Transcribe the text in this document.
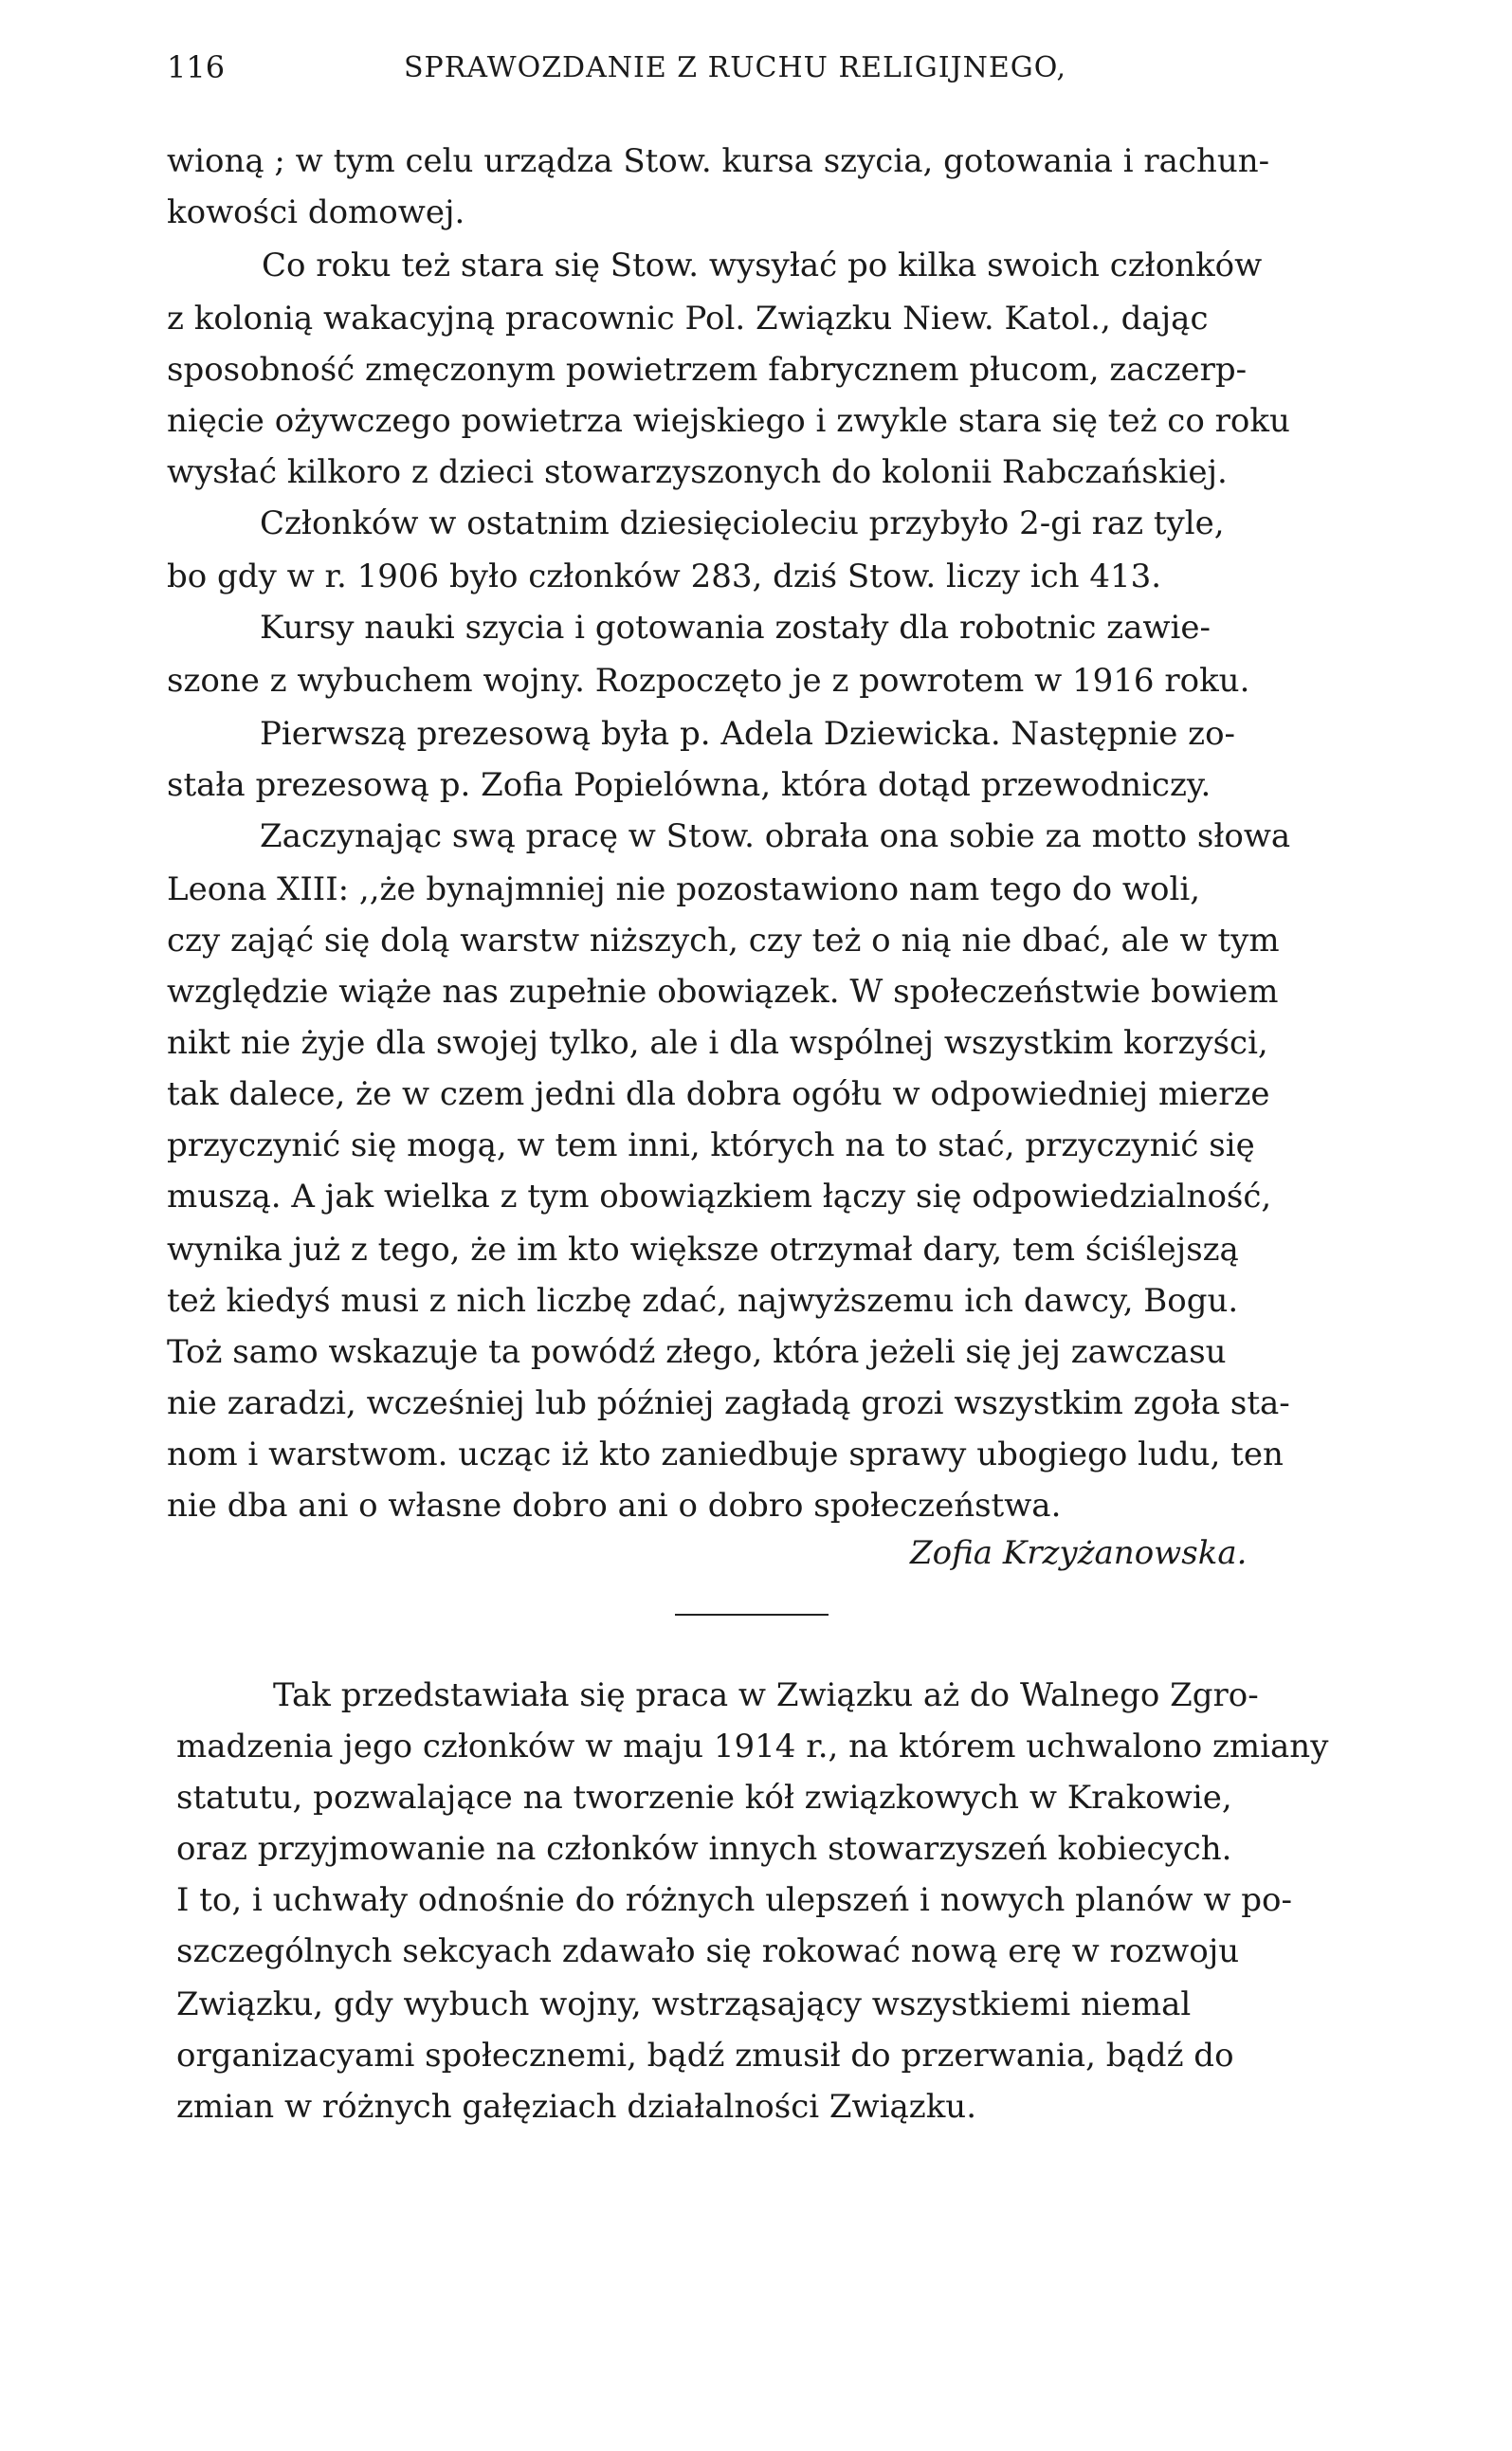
116	SPRAWOZDANIE Z RUCHU RELIGIJNEGO,
wioną ; w tym celu urządza Stow. kursa szycia, gotowania i rachun-
kowości domowej.
Co roku też stara się Stow. wysyłać po kilka swoich członków
z kolonią wakacyjną pracownic Pol. Związku Niew. Katol., dając
sposobność zmęczonym powietrzem fabrycznem płucom, zaczerp-
nięcie ożywczego powietrza wiejskiego i zwykle stara się też co roku
wysłać kilkoro z dzieci stowarzyszonych do kolonii Rabczańskiej.
Członków w ostatnim dziesięcioleciu przybyło 2-gi raz tyle,
bo gdy w r. 1906 było członków 283, dziś Stow. liczy ich 413.
Kursy nauki szycia i gotowania zostały dla robotnic zawie-
szone z wybuchem wojny. Rozpoczęto je z powrotem w 1916 roku.
Pierwszą prezesową była p. Adela Dziewicka. Następnie zo-
stała prezesową p. Zofia Popielówna, która dotąd przewodniczy.
Zaczynając swą pracę w Stow. obrała ona sobie za motto słowa
Leona XIII: ,,że bynajmniej nie pozostawiono nam tego do woli,
czy zająć się dolą warstw niższych, czy też o nią nie dbać, ale w tym
względzie wiąże nas zupełnie obowiązek. W społeczeństwie bowiem
nikt nie żyje dla swojej tylko, ale i dla wspólnej wszystkim korzyści,
tak dalece, że w czem jedni dla dobra ogółu w odpowiedniej mierze
przyczynić się mogą, w tem inni, których na to stać, przyczynić się
muszą. A jak wielka z tym obowiązkiem łączy się odpowiedzialność,
wynika już z tego, że im kto większe otrzymał dary, tem ściślejszą
też kiedyś musi z nich liczbę zdać, najwyższemu ich dawcy, Bogu.
Toż samo wskazuje ta powódź złego, która jeżeli się jej zawczasu
nie zaradzi, wcześniej lub później zagładą grozi wszystkim zgoła sta-
nom i warstwom. ucząc iż kto zaniedbuje sprawy ubogiego ludu, ten
nie dba ani o własne dobro ani o dobro społeczeństwa.
Zofia Krzyżanowska.
Tak przedstawiała się praca w Związku aż do Walnego Zgro-
madzenia jego członków w maju 1914 r., na którem uchwalono zmiany
statutu, pozwalające na tworzenie kół związkowych w Krakowie,
oraz przyjmowanie na członków innych stowarzyszeń kobiecych.
I to, i uchwały odnośnie do różnych ulepszeń i nowych planów w po-
szczególnych sekcyach zdawało się rokować nową erę w rozwoju
Związku, gdy wybuch wojny, wstrząsający wszystkiemi niemal
organizacyami społecznemi, bądź zmusił do przerwania, bądź do
zmian w różnych gałęziach działalności Związku.
